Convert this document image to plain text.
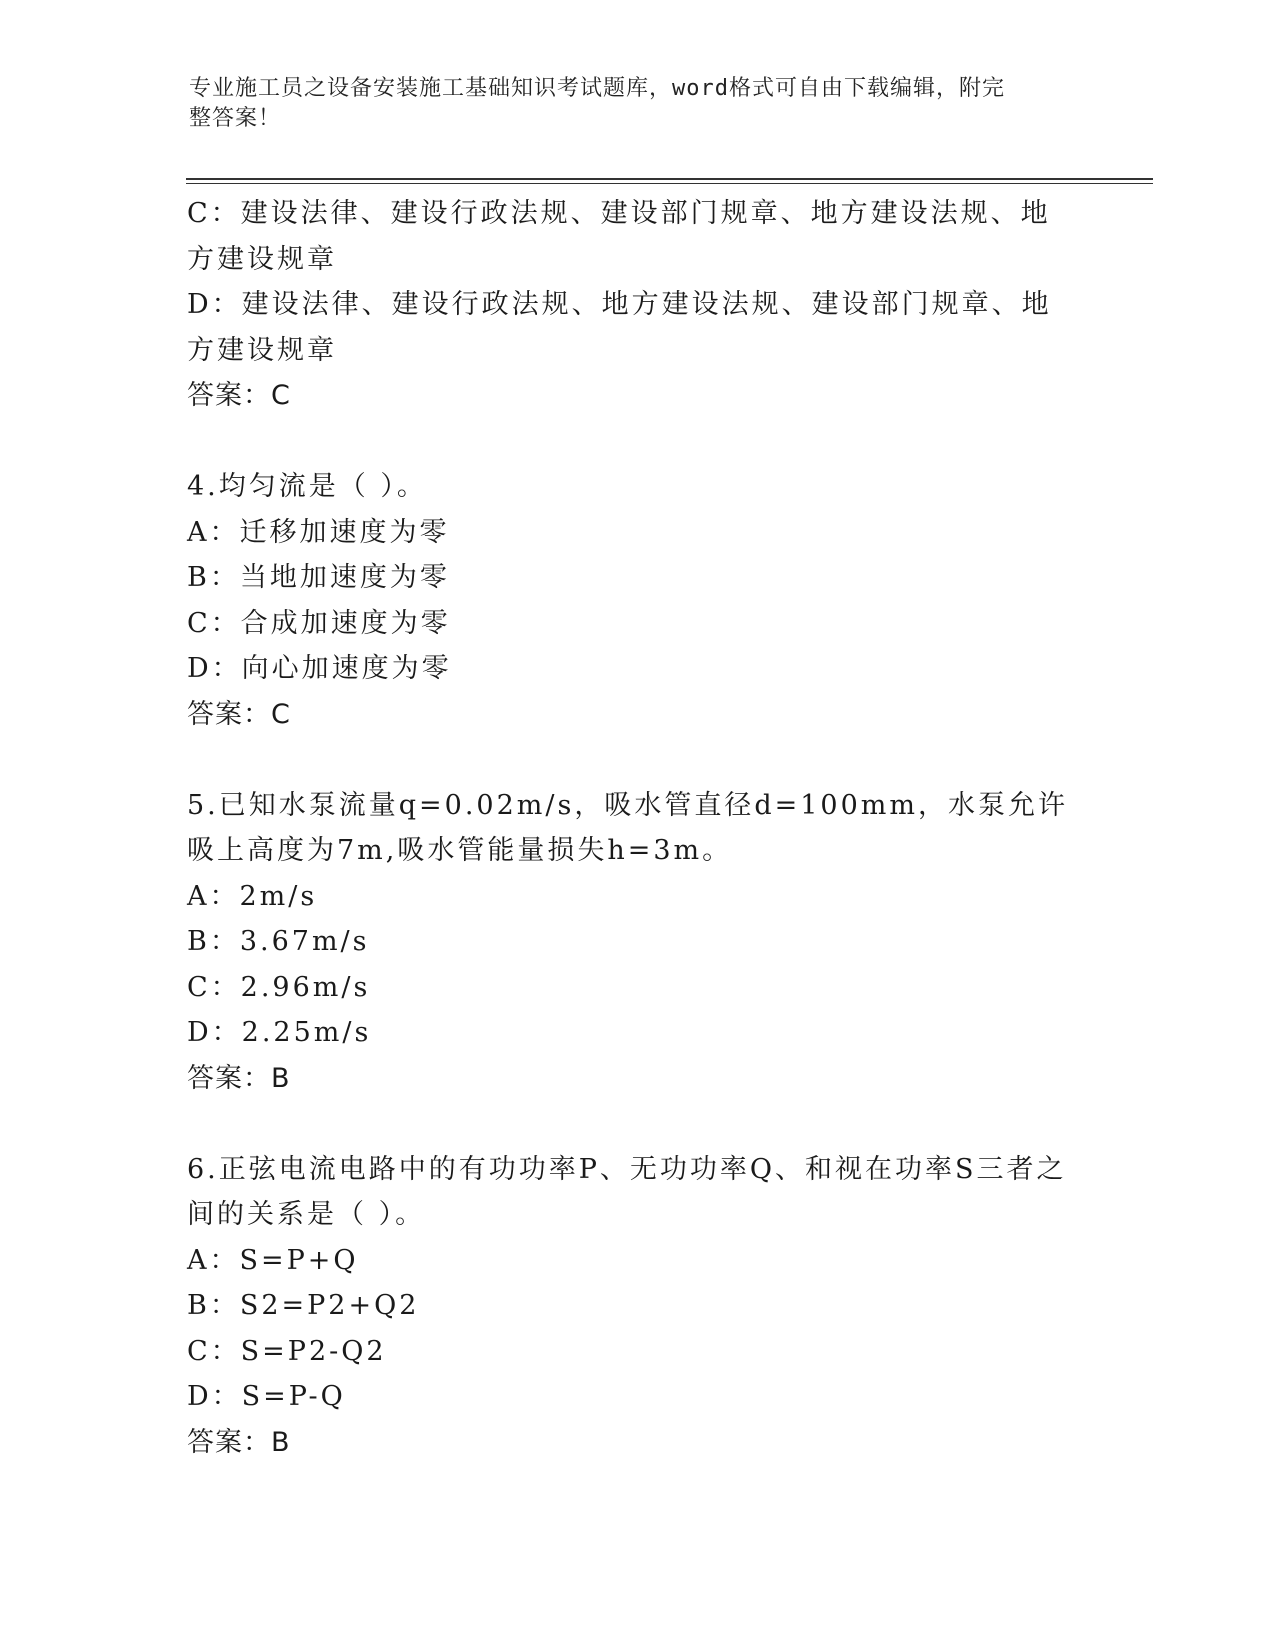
专业施工员之设备安装施工基础知识考试题库，word格式可自由下载编辑，附完
整答案！
C：建设法律、建设行政法规、建设部门规章、地方建设法规、地方建设规章
D：建设法律、建设行政法规、地方建设法规、建设部门规章、地方建设规章
答案：C
4.均匀流是（ ）。
A：迁移加速度为零
B：当地加速度为零
C：合成加速度为零
D：向心加速度为零
答案：C
5.已知水泵流量q=0.02m/s，吸水管直径d=100mm，水泵允许吸上高度为7m,吸水管能量损失h=3m。
A：2m/s
B：3.67m/s
C：2.96m/s
D：2.25m/s
答案：B
6.正弦电流电路中的有功功率P、无功功率Q、和视在功率S三者之间的关系是（ ）。
A：S=P+Q
B：S2=P2+Q2
C：S=P2-Q2
D：S=P-Q
答案：B
